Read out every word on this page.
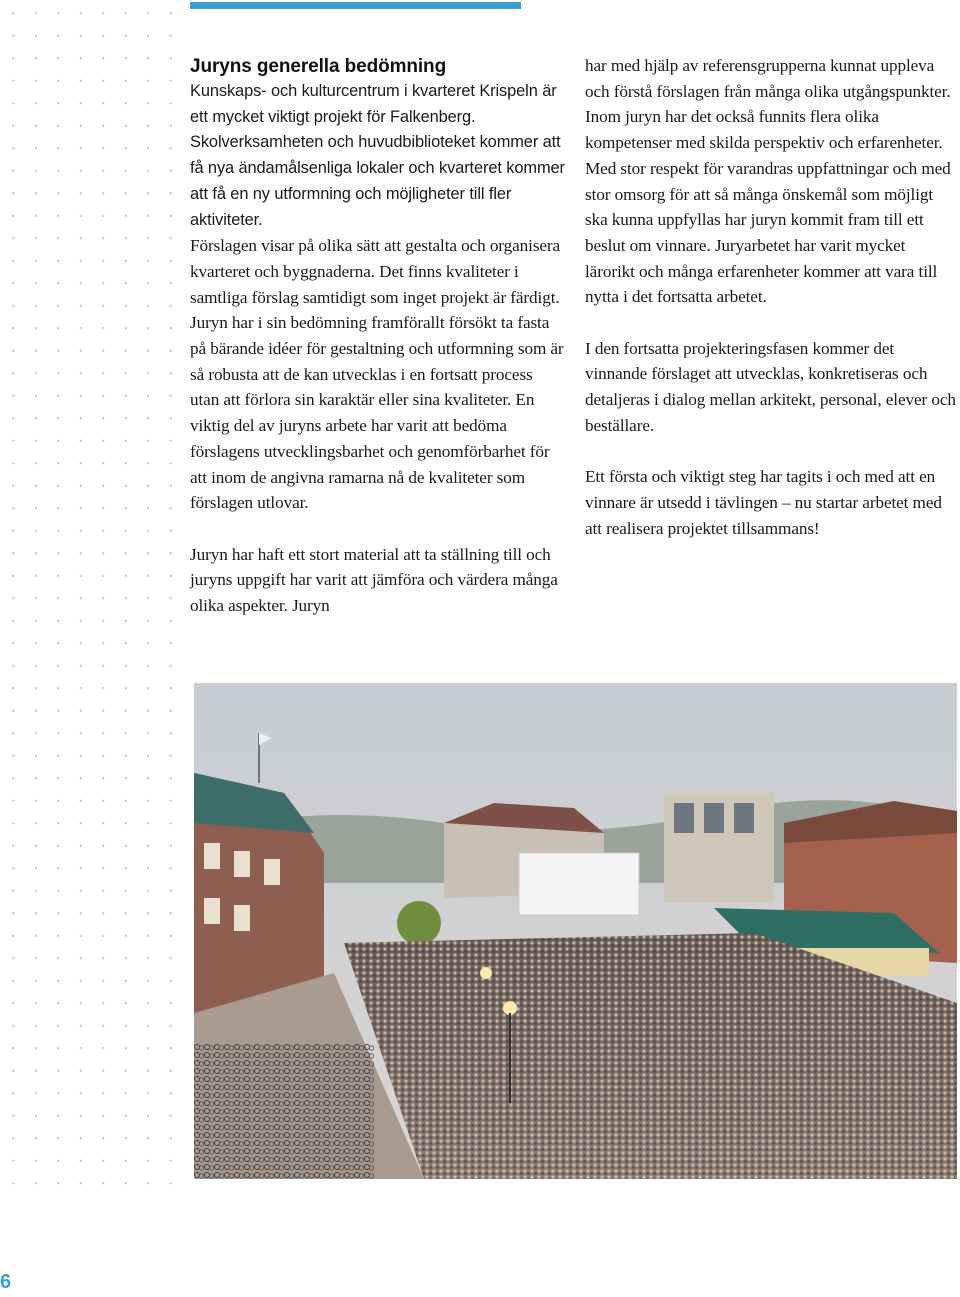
Juryns generella bedömning

Kunskaps- och kulturcentrum i kvarteret Krispeln är ett mycket viktigt projekt för Falkenberg. Skolverksamheten och huvudbiblioteket kommer att få nya ändamålsenliga lokaler och kvarteret kommer att få en ny utformning och möjligheter till fler aktiviteter.

Förslagen visar på olika sätt att gestalta och organisera kvarteret och byggnaderna. Det finns kvaliteter i samtliga förslag samtidigt som inget projekt är färdigt. Juryn har i sin bedömning framförallt försökt ta fasta på bärande idéer för gestaltning och utformning som är så robusta att de kan utvecklas i en fortsatt process utan att förlora sin karaktär eller sina kvaliteter. En viktig del av juryns arbete har varit att bedöma förslagens utvecklingsbarhet och genomförbarhet för att inom de angivna ramarna nå de kvaliteter som förslagen utlovar.

Juryn har haft ett stort material att ta ställning till och juryns uppgift har varit att jämföra och värdera många olika aspekter. Juryn

har med hjälp av referensgrupperna kunnat uppleva och förstå förslagen från många olika utgångspunkter. Inom juryn har det också funnits flera olika kompetenser med skilda perspektiv och erfarenheter. Med stor respekt för varandras uppfattningar och med stor omsorg för att så många önskemål som möjligt ska kunna uppfyllas har juryn kommit fram till ett beslut om vinnare. Juryarbetet har varit mycket lärorikt och många erfarenheter kommer att vara till nytta i det fortsatta arbetet.

I den fortsatta projekteringsfasen kommer det vinnande förslaget att utvecklas, konkretiseras och detaljeras i dialog mellan arkitekt, personal, elever och beställare.

Ett första och viktigt steg har tagits i och med att en vinnare är utsedd i tävlingen – nu startar arbetet med att realisera projektet tillsammans!

6
